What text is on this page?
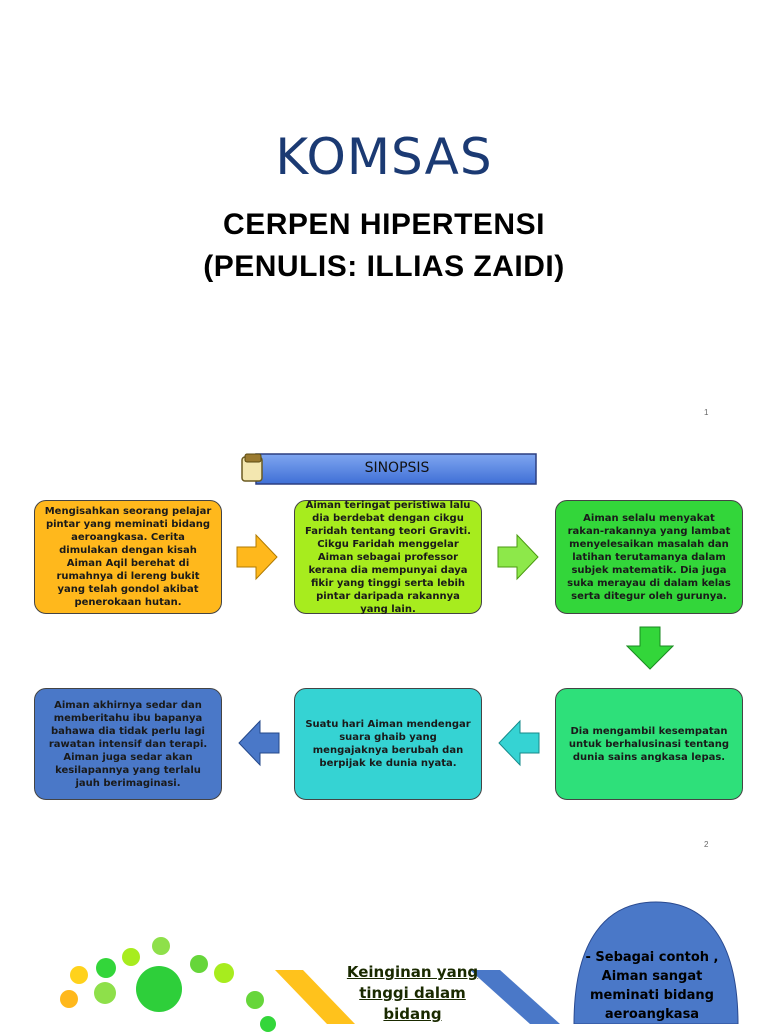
KOMSAS
CERPEN HIPERTENSI
(PENULIS: ILLIAS ZAIDI)
1
SINOPSIS
Mengisahkan seorang pelajar pintar yang meminati bidang aeroangkasa. Cerita dimulakan dengan kisah Aiman Aqil berehat di rumahnya di lereng bukit yang telah gondol akibat penerokaan hutan.
Aiman teringat peristiwa lalu dia berdebat dengan cikgu Faridah tentang teori Graviti. Cikgu Faridah menggelar Aiman sebagai professor kerana dia mempunyai daya fikir yang tinggi serta lebih pintar daripada rakannya yang lain.
Aiman selalu menyakat rakan-rakannya yang lambat menyelesaikan masalah dan latihan terutamanya dalam subjek matematik. Dia juga suka merayau di dalam kelas serta ditegur oleh gurunya.
Dia mengambil kesempatan untuk berhalusinasi tentang dunia sains angkasa lepas.
Suatu hari Aiman mendengar suara ghaib yang mengajaknya berubah dan berpijak ke dunia nyata.
Aiman akhirnya sedar dan memberitahu ibu bapanya bahawa dia tidak perlu lagi rawatan intensif dan terapi. Aiman juga sedar akan kesilapannya yang terlalu jauh berimaginasi.
2
Keinginan yang tinggi dalam bidang
- Sebagai contoh , Aiman sangat meminati bidang aeroangkasa
